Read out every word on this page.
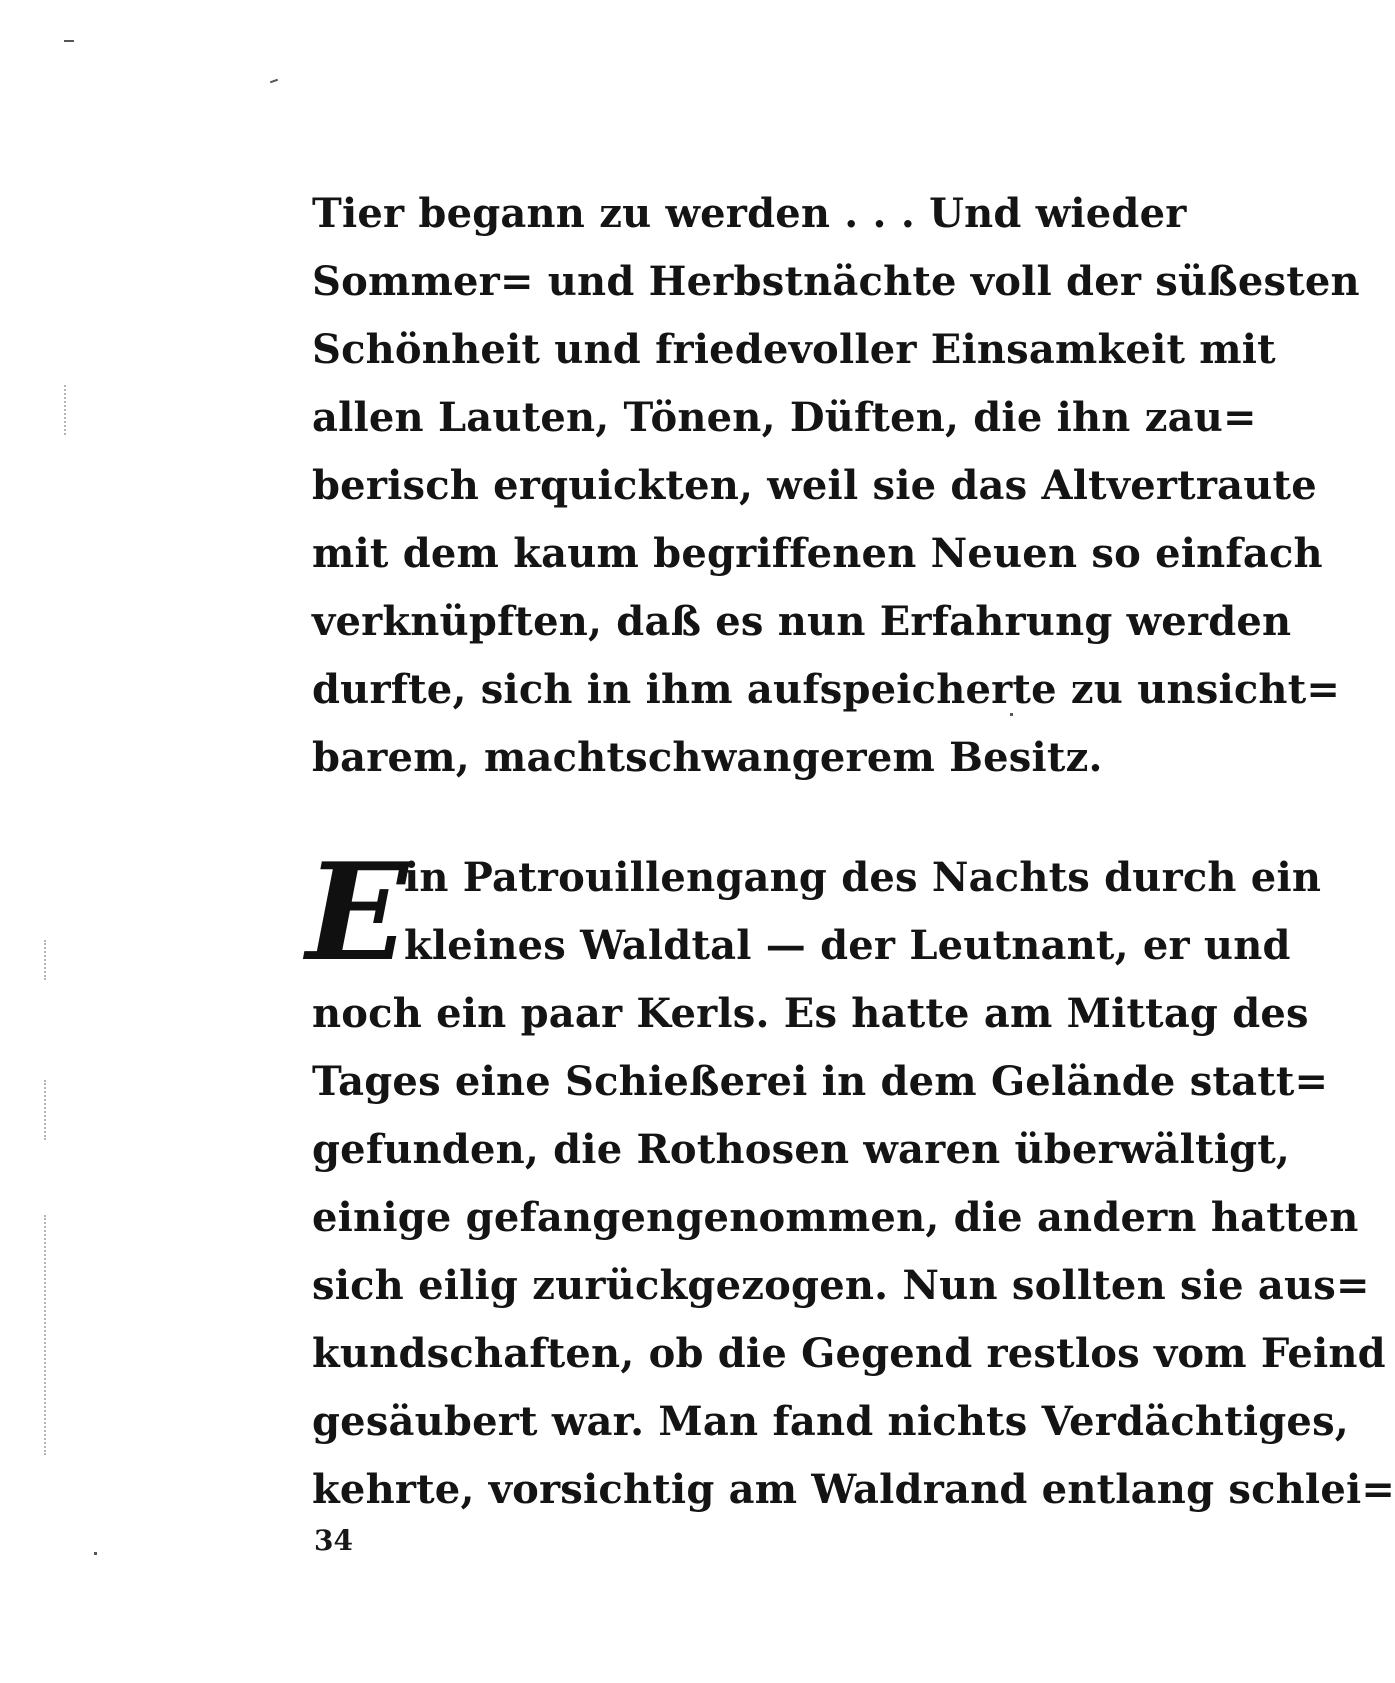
Tier begann zu werden . . . Und wieder
Sommer= und Herbstnächte voll der süßesten
Schönheit und friedevoller Einsamkeit mit
allen Lauten, Tönen, Düften, die ihn zau=
berisch erquickten, weil sie das Altvertraute
mit dem kaum begriffenen Neuen so einfach
verknüpften, daß es nun Erfahrung werden
durfte, sich in ihm aufspeicherte zu unsicht=
barem, machtschwangerem Besitz.
E
in Patrouillengang des Nachts durch ein
kleines Waldtal — der Leutnant, er und
noch ein paar Kerls. Es hatte am Mittag des
Tages eine Schießerei in dem Gelände statt=
gefunden, die Rothosen waren überwältigt,
einige gefangengenommen, die andern hatten
sich eilig zurückgezogen. Nun sollten sie aus=
kundschaften, ob die Gegend restlos vom Feind
gesäubert war. Man fand nichts Verdächtiges,
kehrte, vorsichtig am Waldrand entlang schlei=
34
